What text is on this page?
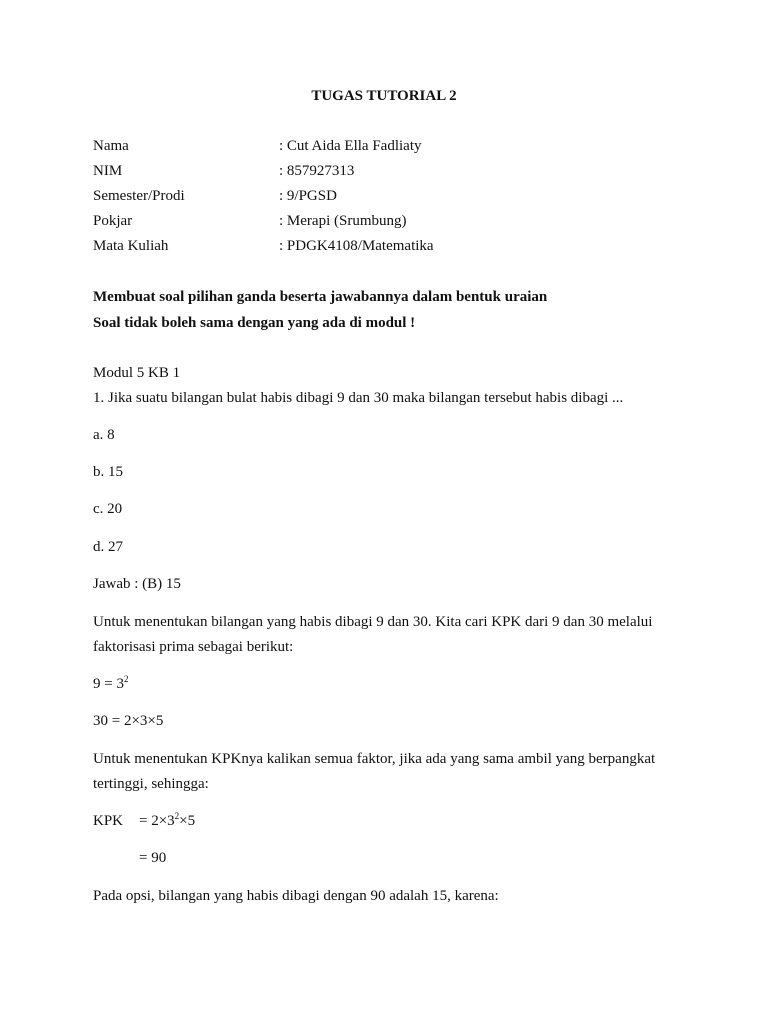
TUGAS TUTORIAL 2
Nama	: Cut Aida Ella Fadliaty
NIM	: 857927313
Semester/Prodi	: 9/PGSD
Pokjar	: Merapi (Srumbung)
Mata Kuliah	: PDGK4108/Matematika
Membuat soal pilihan ganda beserta jawabannya dalam bentuk uraian
Soal tidak boleh sama dengan yang ada di modul !
Modul 5 KB 1
1. Jika suatu bilangan bulat habis dibagi 9 dan 30 maka bilangan tersebut habis dibagi ...
a. 8
b. 15
c. 20
d. 27
Jawab : (B) 15
Untuk menentukan bilangan yang habis dibagi 9 dan 30. Kita cari KPK dari 9 dan 30 melalui
faktorisasi prima sebagai berikut:
$9 = 3^2$
30 = 2×3×5
Untuk menentukan KPKnya kalikan semua faktor, jika ada yang sama ambil yang berpangkat
tertinggi, sehingga:
KPK = $2\times 3^2\times 5$
= 90
Pada opsi, bilangan yang habis dibagi dengan 90 adalah 15, karena:
